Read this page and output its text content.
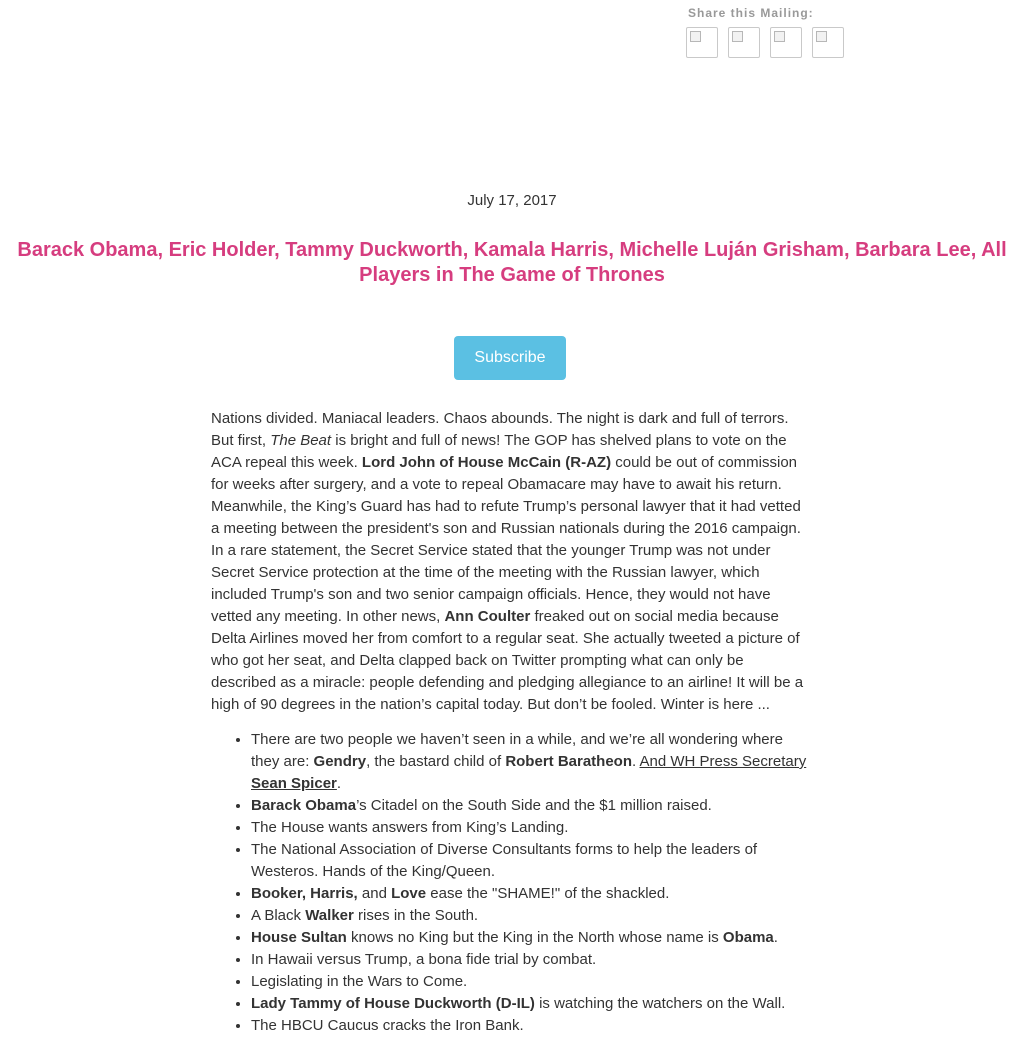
Share this Mailing:
July 17, 2017
Barack Obama, Eric Holder, Tammy Duckworth, Kamala Harris, Michelle Luján Grisham, Barbara Lee, All Players in The Game of Thrones
Subscribe

Nations divided. Maniacal leaders. Chaos abounds. The night is dark and full of terrors. But first, The Beat is bright and full of news! The GOP has shelved plans to vote on the ACA repeal this week. Lord John of House McCain (R-AZ) could be out of commission for weeks after surgery, and a vote to repeal Obamacare may have to await his return. Meanwhile, the King’s Guard has had to refute Trump’s personal lawyer that it had vetted a meeting between the president's son and Russian nationals during the 2016 campaign. In a rare statement, the Secret Service stated that the younger Trump was not under Secret Service protection at the time of the meeting with the Russian lawyer, which included Trump's son and two senior campaign officials. Hence, they would not have vetted any meeting. In other news, Ann Coulter freaked out on social media because Delta Airlines moved her from comfort to a regular seat. She actually tweeted a picture of who got her seat, and Delta clapped back on Twitter prompting what can only be described as a miracle: people defending and pledging allegiance to an airline! It will be a high of 90 degrees in the nation’s capital today. But don’t be fooled. Winter is here ...

• There are two people we haven’t seen in a while, and we’re all wondering where they are: Gendry, the bastard child of Robert Baratheon. And WH Press Secretary Sean Spicer.
• Barack Obama’s Citadel on the South Side and the $1 million raised.
• The House wants answers from King’s Landing.
• The National Association of Diverse Consultants forms to help the leaders of Westeros. Hands of the King/Queen.
• Booker, Harris, and Love ease the "SHAME!" of the shackled.
• A Black Walker rises in the South.
• House Sultan knows no King but the King in the North whose name is Obama.
• In Hawaii versus Trump, a bona fide trial by combat.
• Legislating in the Wars to Come.
• Lady Tammy of House Duckworth (D-IL) is watching the watchers on the Wall.
• The HBCU Caucus cracks the Iron Bank.
